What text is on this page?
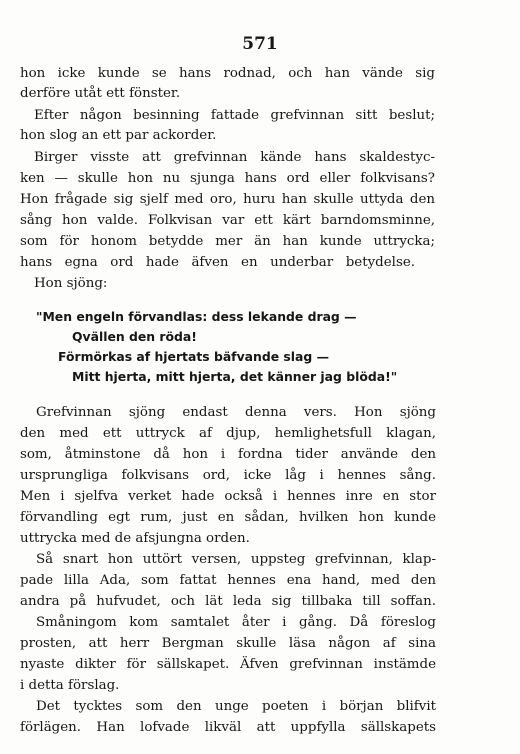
571
hon icke kunde se hans rodnad, och han vände sig
derföre utåt ett fönster.
Efter någon besinning fattade grefvinnan sitt beslut;
hon slog an ett par ackorder.
Birger visste att grefvinnan kände hans skaldestyc-
ken — skulle hon nu sjunga hans ord eller folkvisans?
Hon frågade sig sjelf med oro, huru han skulle uttyda den
sång hon valde. Folkvisan var ett kärt barndomsminne,
som för honom betydde mer än han kunde uttrycka;
hans egna ord hade äfven en underbar betydelse.
Hon sjöng:
"Men engeln förvandlas: dess lekande drag —
Qvällen den röda!
Förmörkas af hjertats bäfvande slag —
Mitt hjerta, mitt hjerta, det känner jag blöda!"
Grefvinnan sjöng endast denna vers. Hon sjöng
den med ett uttryck af djup, hemlighetsfull klagan,
som, åtminstone då hon i fordna tider använde den
ursprungliga folkvisans ord, icke låg i hennes sång.
Men i sjelfva verket hade också i hennes inre en stor
förvandling egt rum, just en sådan, hvilken hon kunde
uttrycka med de afsjungna orden.
Så snart hon uttört versen, uppsteg grefvinnan, klap-
pade lilla Ada, som fattat hennes ena hand, med den
andra på hufvudet, och lät leda sig tillbaka till soffan.
Småningom kom samtalet åter i gång. Då föreslog
prosten, att herr Bergman skulle läsa någon af sina
nyaste dikter för sällskapet. Äfven grefvinnan instämde
i detta förslag.
Det tycktes som den unge poeten i början blifvit
förlägen. Han lofvade likväl att uppfylla sällskapets
